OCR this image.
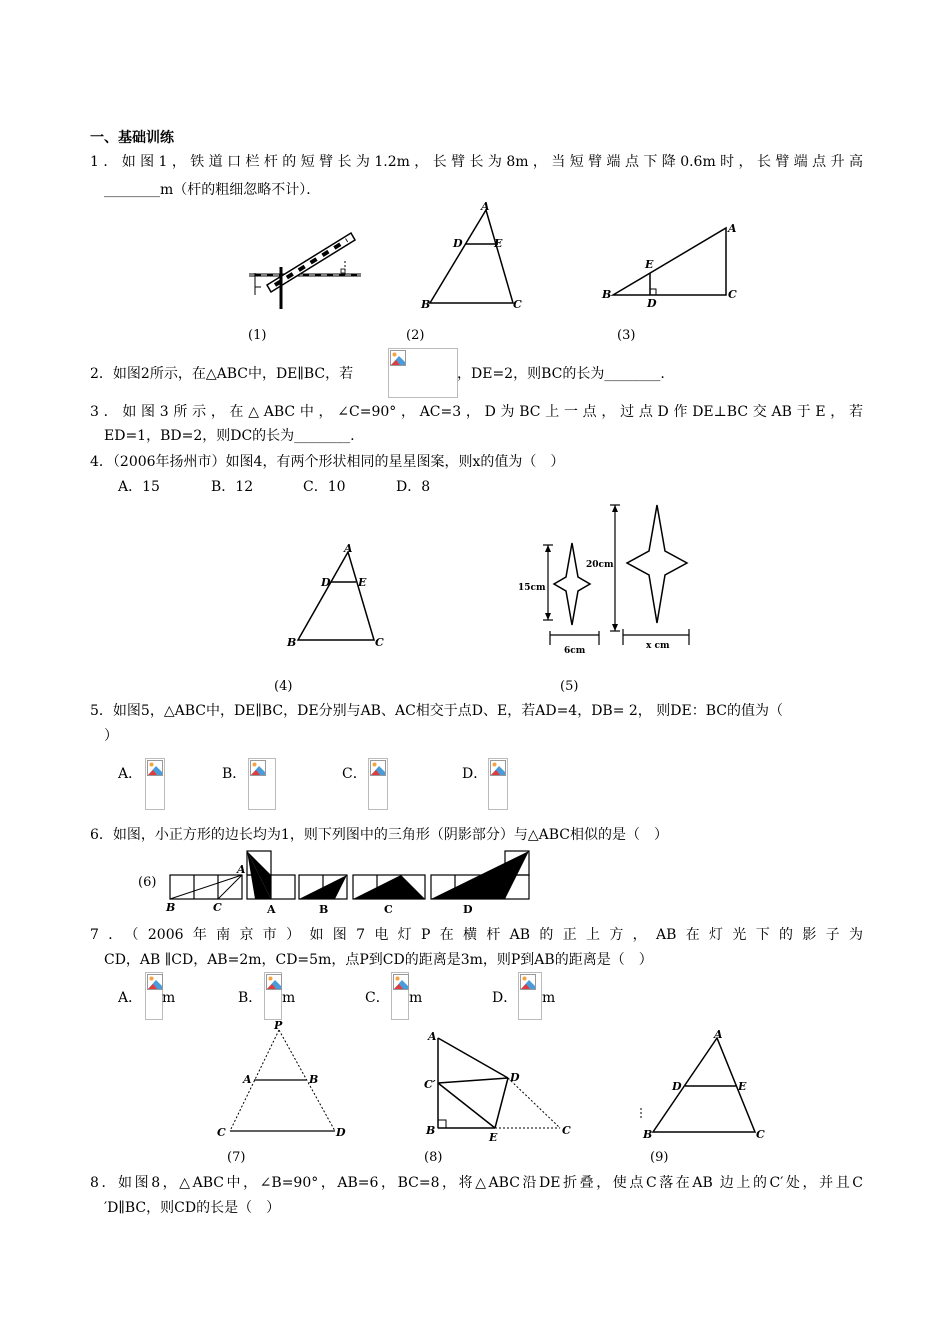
一、基础训练
1．如图1，铁道口栏杆的短臂长为1.2m，长臂长为8m，当短臂端点下降0.6m时，长臂端点升高
________m（杆的粗细忽略不计）．
A
D	E
B	C
A
E
B
D
C
(1)	(2)	(3)
2．如图2所示，在△ABC中，DE∥BC，若	，DE=2，则BC的长为________.
3．如图3所示，在△ABC中，∠C=90°，AC=3，D为BC上一点，过点D作DE⊥BC交AB于E，若
ED=1，BD=2，则DC的长为________.
4．（2006年扬州市）如图4，有两个形状相同的星星图案，则x的值为（　）
A．15	B．12	C．10	D．8
A
D E
B	C
15cm
20cm
6cm	x cm
(4)	(5)
5．如图5，△ABC中，DE∥BC，DE分别与AB、AC相交于点D、E，若AD=4，DB= 2， 则DE：BC的值为（
）
A．	B．	C．	D．
6．如图，小正方形的边长均为1，则下列图中的三角形（阴影部分）与△ABC相似的是（　）
(6)
B	C
A
A	B	C	D
7．（2006年南京市）如图7电灯P在横杆AB的正上方，AB在灯光下的影子为
CD，AB ∥CD，AB=2m，CD=5m，点P到CD的距离是3m，则P到AB的距离是（　）
A． m	B． m	C． m	D． m
P
A	B
C	D
A
C′
D
B
E
C
A
D	E
B	C
(7)	(8)	(9)
8．如图8，△ABC中，∠B=90°，AB=6，BC=8，将△ABC沿DE折叠，使点C落在AB 边上的C′处，并且C
′D∥BC，则CD的长是（　）
